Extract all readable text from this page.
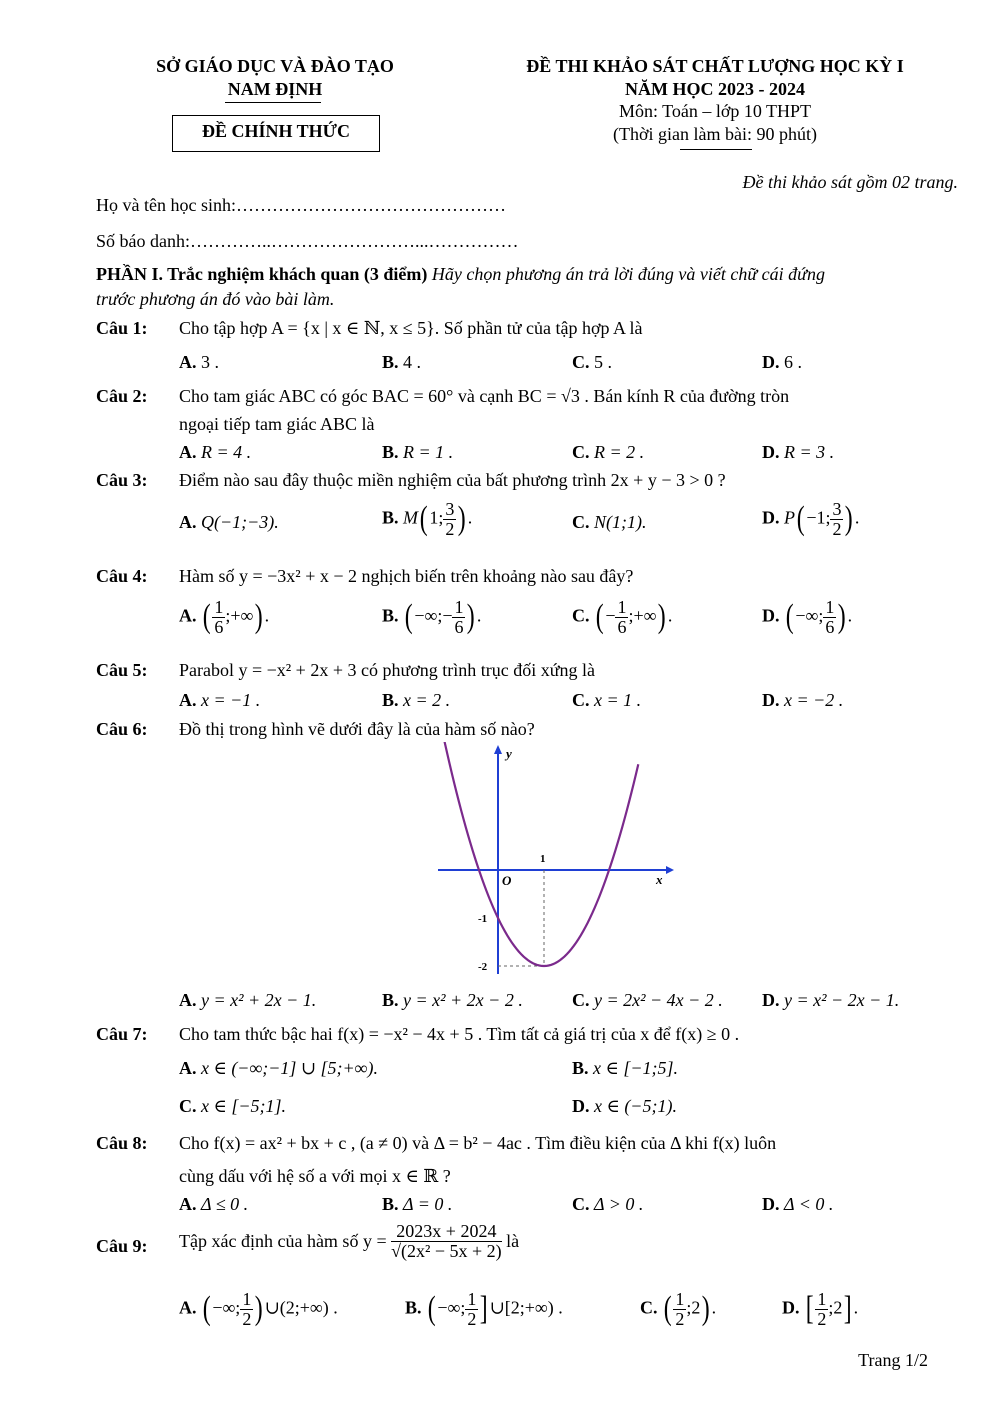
SỞ GIÁO DỤC VÀ ĐÀO TẠO
NAM ĐỊNH
ĐỀ CHÍNH THỨC
ĐỀ THI KHẢO SÁT CHẤT LƯỢNG HỌC KỲ I
NĂM HỌC 2023 - 2024
Môn: Toán – lớp 10 THPT
(Thời gian làm bài: 90 phút)
Đề thi khảo sát gồm 02 trang.
Họ và tên học sinh:………………………………………
Số báo danh:…………..……………………...……………
PHẦN I. Trắc nghiệm khách quan (3 điểm) Hãy chọn phương án trả lời đúng và viết chữ cái đứng
trước phương án đó vào bài làm.
Câu 1: Cho tập hợp A = {x | x ∈ ℕ, x ≤ 5}. Số phần tử của tập hợp A là
A. 3 .	B. 4 .	C. 5 .	D. 6 .
Câu 2: Cho tam giác ABC có góc BAC = 60° và cạnh BC = √3 . Bán kính R của đường tròn
ngoại tiếp tam giác ABC là
A. R = 4 .	B. R = 1 .	C. R = 2 .	D. R = 3 .
Câu 3: Điểm nào sau đây thuộc miền nghiệm của bất phương trình 2x + y − 3 > 0 ?
A. Q(−1;−3).	B. M(1; $\frac{3}{2}$ ).	C. N(1;1).	D. P(−1; $\frac{3}{2}$ ).
Câu 4: Hàm số y = −3x² + x − 2 nghịch biến trên khoảng nào sau đây?
A. ( $\frac{1}{6}$ ;+∞).	B. (−∞;− $\frac{1}{6}$ ).	C. (− $\frac{1}{6}$ ;+∞).	D. (−∞; $\frac{1}{6}$ ).
Câu 5: Parabol y = −x² + 2x + 3 có phương trình trục đối xứng là
A. x = −1 .	B. x = 2 .	C. x = 1 .	D. x = −2 .
Câu 6: Đồ thị trong hình vẽ dưới đây là của hàm số nào?
y
x
O
1
-1
-2
A. y = x² + 2x − 1.	B. y = x² + 2x − 2 .	C. y = 2x² − 4x − 2 . D. y = x² − 2x − 1.
Câu 7: Cho tam thức bậc hai f(x) = −x² − 4x + 5 . Tìm tất cả giá trị của x để f(x) ≥ 0 .
A. x ∈ (−∞;−1] ∪ [5;+∞).	B. x ∈ [−1;5].
C. x ∈ [−5;1].	D. x ∈ (−5;1).
Câu 8: Cho f(x) = ax² + bx + c , (a ≠ 0) và Δ = b² − 4ac . Tìm điều kiện của Δ khi f(x) luôn
cùng dấu với hệ số a với mọi x ∈ ℝ ?
A. Δ ≤ 0 .	B. Δ = 0 .	C. Δ > 0 .	D. Δ < 0 .
Câu 9: Tập xác định của hàm số $y = \frac{2023x + 2024}{\text{√(2x² − 5x + 2)}}$ là
A. (−∞; $\frac{1}{2}$ )∪(2;+∞) .	B. (−∞; $\frac{1}{2}$ ]∪[2;+∞) .	C. ( $\frac{1}{2}$ ;2).	D. [ $\frac{1}{2}$ ;2].
Trang 1/2
